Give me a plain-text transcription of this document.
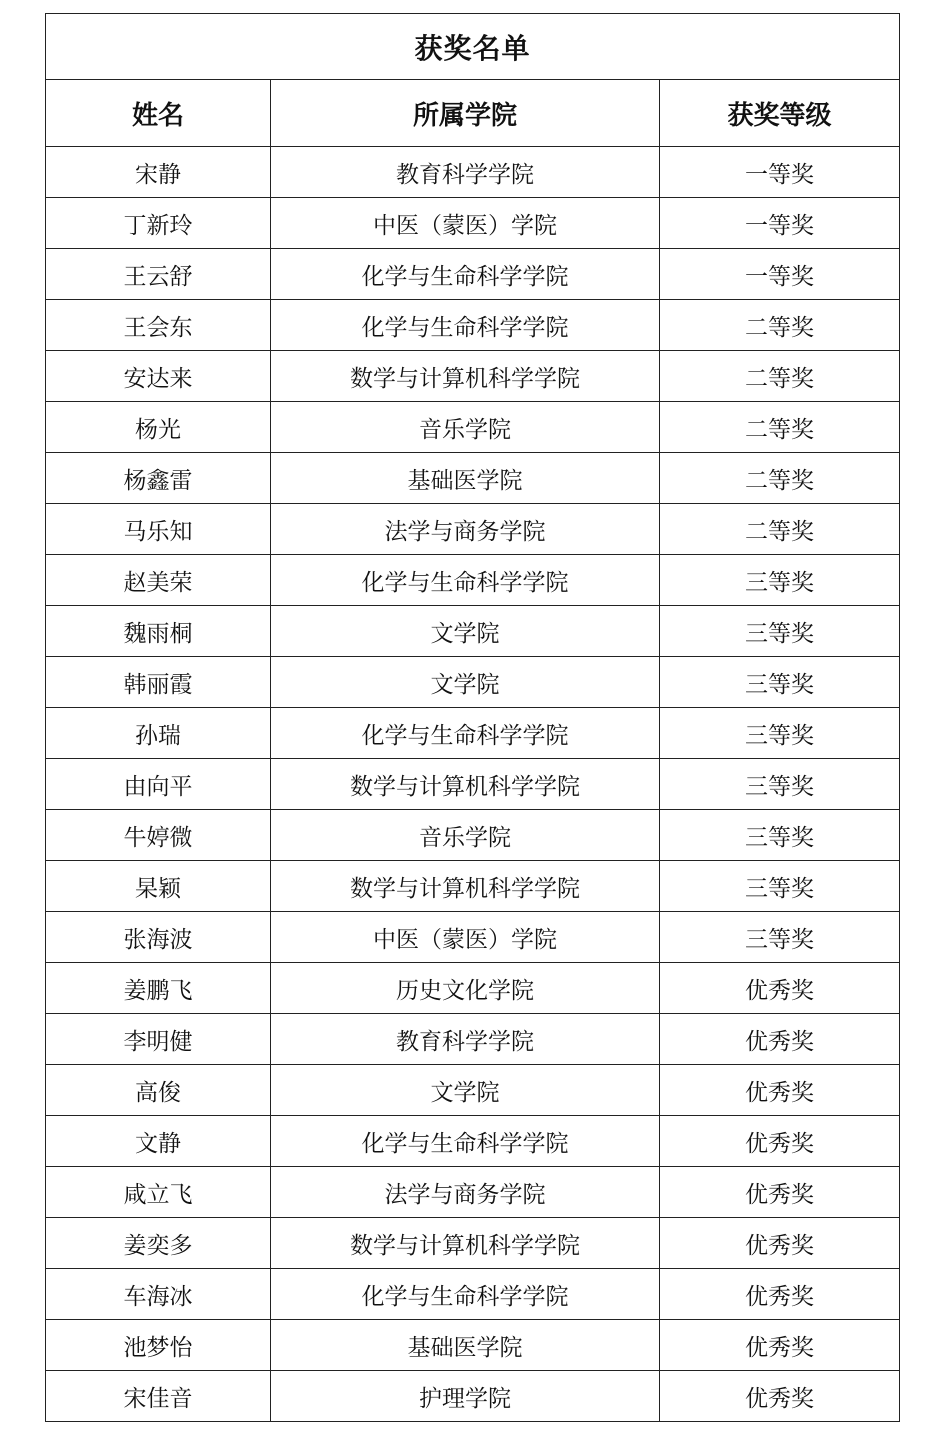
获奖名单		
姓名	所属学院	获奖等级
宋静	教育科学学院	一等奖
丁新玲	中医（蒙医）学院	一等奖
王云舒	化学与生命科学学院	一等奖
王会东	化学与生命科学学院	二等奖
安达来	数学与计算机科学学院	二等奖
杨光	音乐学院	二等奖
杨鑫雷	基础医学院	二等奖
马乐知	法学与商务学院	二等奖
赵美荣	化学与生命科学学院	三等奖
魏雨桐	文学院	三等奖
韩丽霞	文学院	三等奖
孙瑞	化学与生命科学学院	三等奖
由向平	数学与计算机科学学院	三等奖
牛婷微	音乐学院	三等奖
杲颖	数学与计算机科学学院	三等奖
张海波	中医（蒙医）学院	三等奖
姜鹏飞	历史文化学院	优秀奖
李明健	教育科学学院	优秀奖
高俊	文学院	优秀奖
文静	化学与生命科学学院	优秀奖
咸立飞	法学与商务学院	优秀奖
姜奕多	数学与计算机科学学院	优秀奖
车海冰	化学与生命科学学院	优秀奖
池梦怡	基础医学院	优秀奖
宋佳音	护理学院	优秀奖
